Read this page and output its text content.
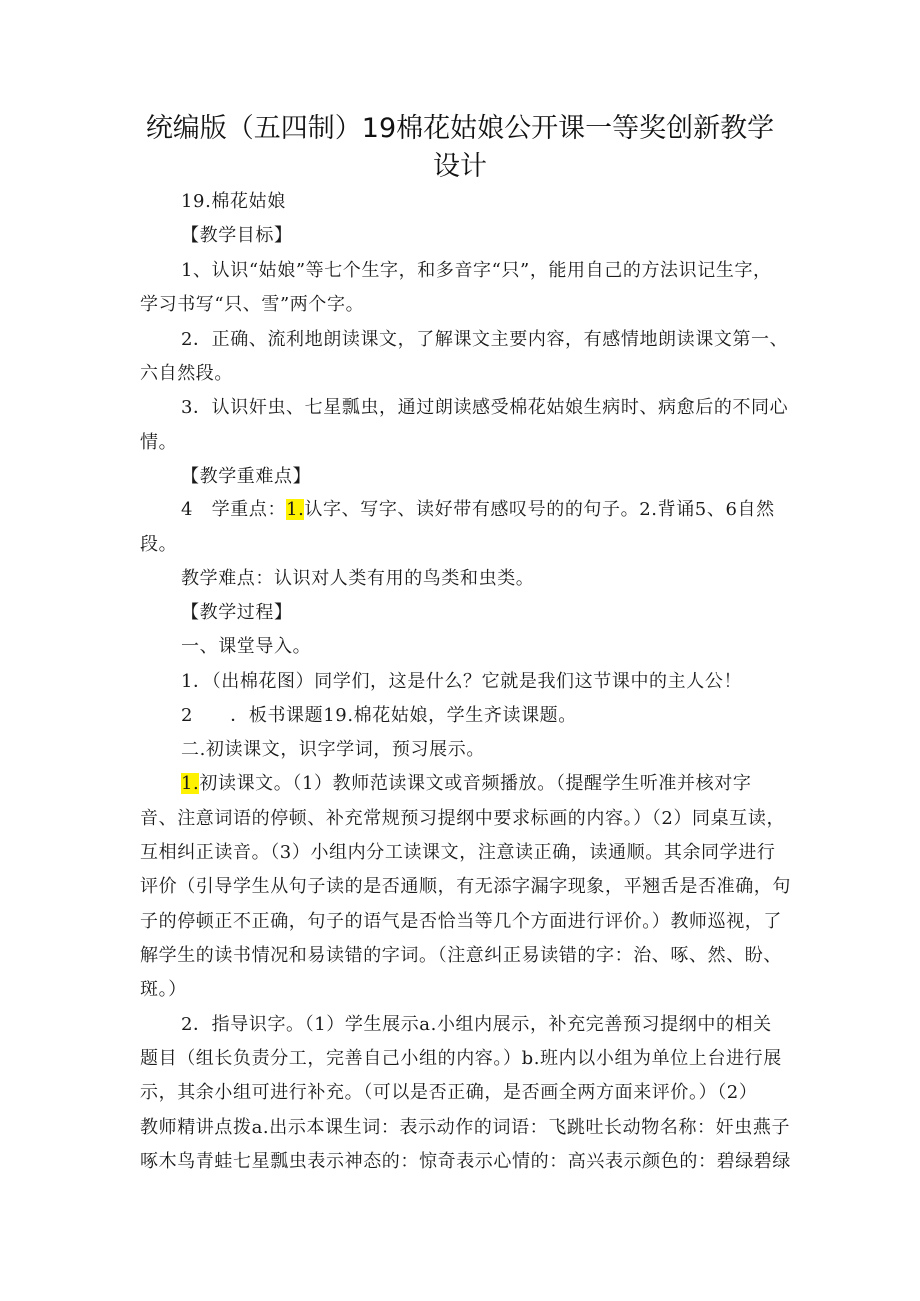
统编版（五四制）19棉花姑娘公开课一等奖创新教学
设计
19.棉花姑娘
【教学目标】
1、认识“姑娘”等七个生字，和多音字“只”，能用自己的方法识记生字，
学习书写“只、雪”两个字。
2．正确、流利地朗读课文，了解课文主要内容，有感情地朗读课文第一、
六自然段。
3．认识奸虫、七星瓢虫，通过朗读感受棉花姑娘生病时、病愈后的不同心
情。
【教学重难点】
4　学重点：1.认字、写字、读好带有感叹号的的句子。2.背诵5、6自然
段。
教学难点：认识对人类有用的鸟类和虫类。
【教学过程】
一、课堂导入。
1．（出棉花图）同学们，这是什么？它就是我们这节课中的主人公！
2　　．板书课题19.棉花姑娘，学生齐读课题。
二.初读课文，识字学词，预习展示。
1.初读课文。（1）教师范读课文或音频播放。（提醒学生听准并核对字
音、注意词语的停顿、补充常规预习提纲中要求标画的内容。）（2）同桌互读，
互相纠正读音。（3）小组内分工读课文，注意读正确，读通顺。其余同学进行
评价（引导学生从句子读的是否通顺，有无添字漏字现象，平翘舌是否准确，句
子的停顿正不正确，句子的语气是否恰当等几个方面进行评价。）教师巡视，了
解学生的读书情况和易读错的字词。（注意纠正易读错的字：治、啄、然、盼、
斑。）
2．指导识字。（1）学生展示a.小组内展示，补充完善预习提纲中的相关
题目（组长负责分工，完善自己小组的内容。）b.班内以小组为单位上台进行展
示，其余小组可进行补充。（可以是否正确，是否画全两方面来评价。）（2）
教师精讲点拨a.出示本课生词：表示动作的词语：飞跳吐长动物名称：奸虫燕子
啄木鸟青蛙七星瓢虫表示神态的：惊奇表示心情的：高兴表示颜色的：碧绿碧绿
